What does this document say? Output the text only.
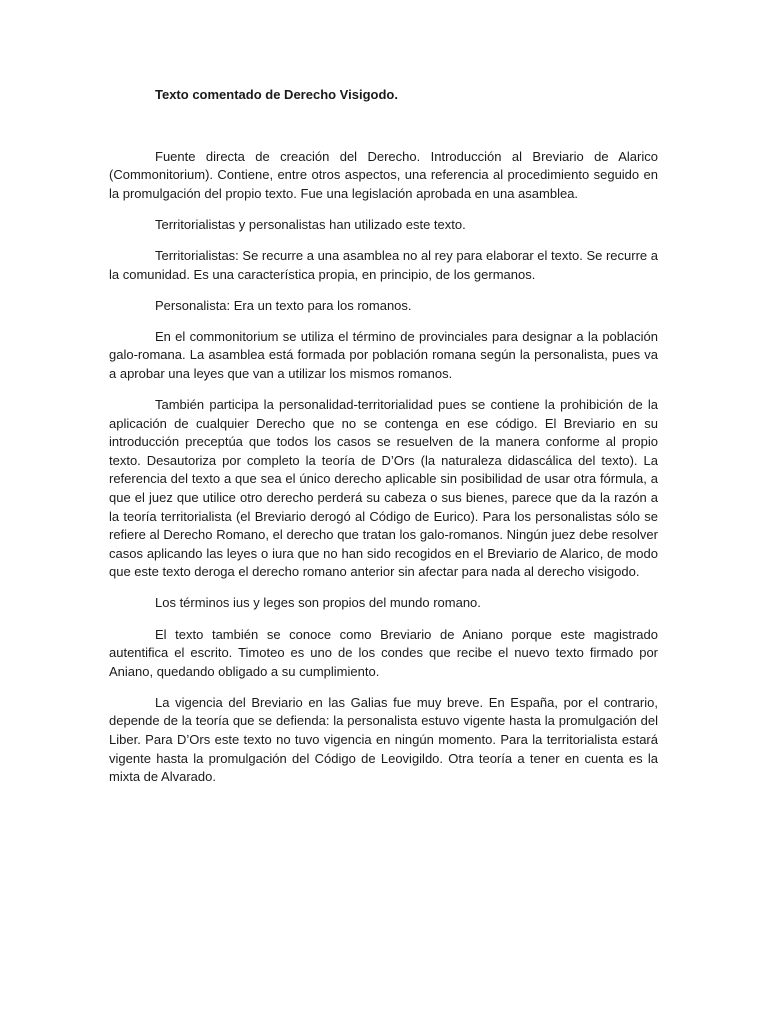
Texto comentado de Derecho Visigodo.

Fuente directa de creación del Derecho. Introducción al Breviario de Alarico (Commonitorium). Contiene, entre otros aspectos, una referencia al procedimiento seguido en la promulgación del propio texto. Fue una legislación aprobada en una asamblea.

Territorialistas y personalistas han utilizado este texto.

Territorialistas: Se recurre a una asamblea no al rey para elaborar el texto. Se recurre a la comunidad. Es una característica propia, en principio, de los germanos.

Personalista: Era un texto para los romanos.

En el commonitorium se utiliza el término de provinciales para designar a la población galo-romana. La asamblea está formada por población romana según la personalista, pues va a aprobar una leyes que van a utilizar los mismos romanos.

También participa la personalidad-territorialidad pues se contiene la prohibición de la aplicación de cualquier Derecho que no se contenga en ese código. El Breviario en su introducción preceptúa que todos los casos se resuelven de la manera conforme al propio texto. Desautoriza por completo la teoría de D’Ors (la naturaleza didascálica del texto). La referencia del texto a que sea el único derecho aplicable sin posibilidad de usar otra fórmula, a que el juez que utilice otro derecho perderá su cabeza o sus bienes, parece que da la razón a la teoría territorialista (el Breviario derogó al Código de Eurico). Para los personalistas sólo se refiere al Derecho Romano, el derecho que tratan los galo-romanos. Ningún juez debe resolver casos aplicando las leyes o iura que no han sido recogidos en el Breviario de Alarico, de modo que este texto deroga el derecho romano anterior sin afectar para nada al derecho visigodo.

Los términos ius y leges son propios del mundo romano.

El texto también se conoce como Breviario de Aniano porque este magistrado autentifica el escrito. Timoteo es uno de los condes que recibe el nuevo texto firmado por Aniano, quedando obligado a su cumplimiento.

La vigencia del Breviario en las Galias fue muy breve. En España, por el contrario, depende de la teoría que se defienda: la personalista estuvo vigente hasta la promulgación del Liber. Para D’Ors este texto no tuvo vigencia en ningún momento. Para la territorialista estará vigente hasta la promulgación del Código de Leovigildo. Otra teoría a tener en cuenta es la mixta de Alvarado.
